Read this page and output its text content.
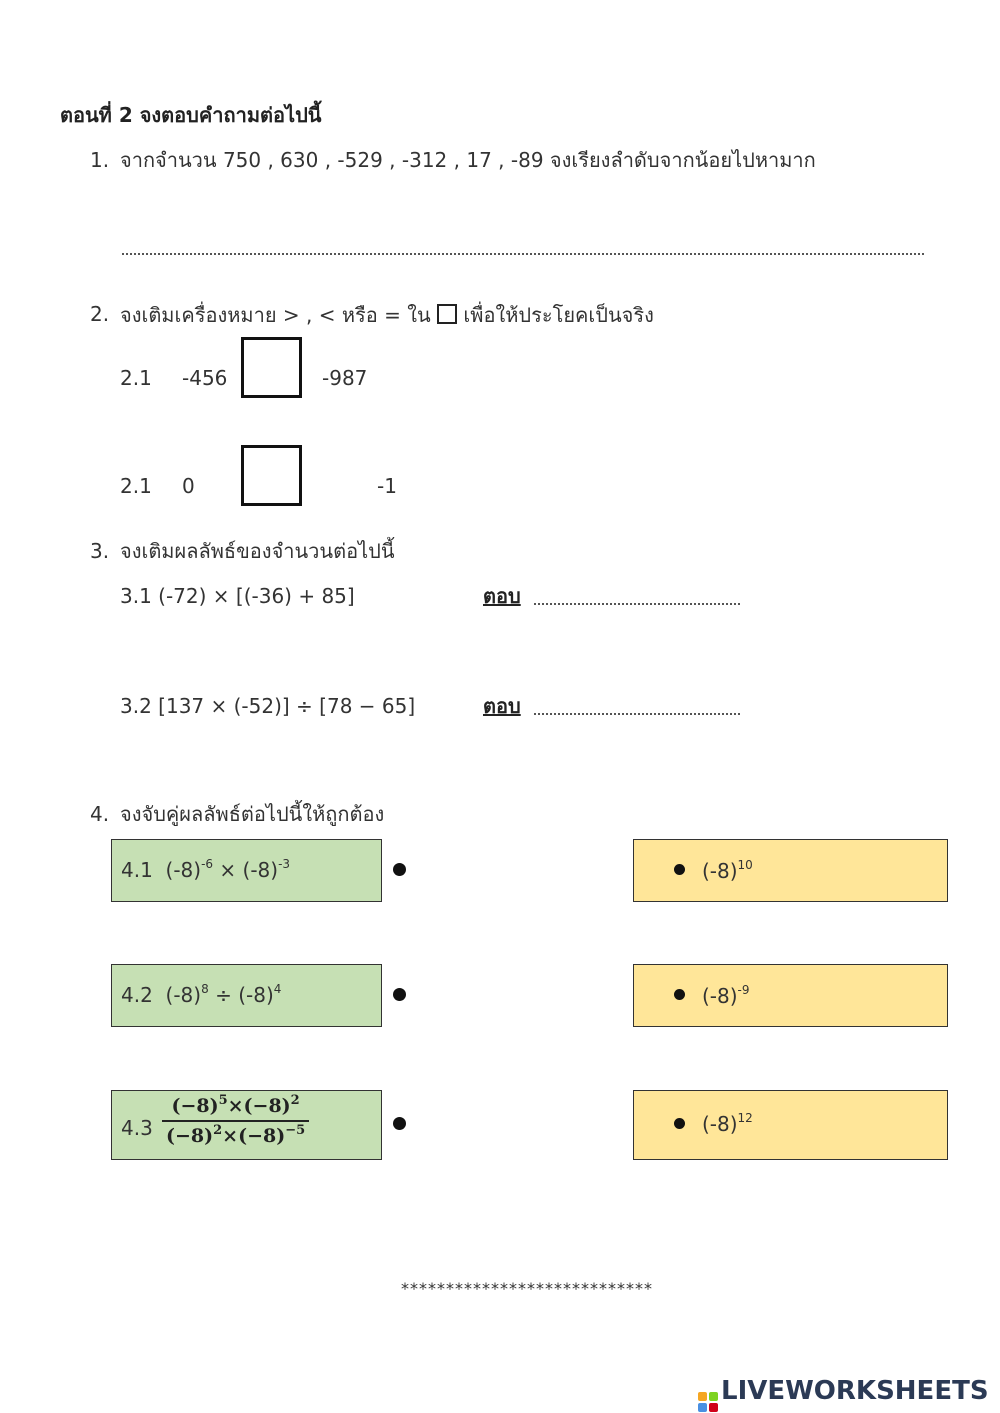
ตอนที่ 2 จงตอบคำถามต่อไปนี้
1. จากจำนวน 750 , 630 , -529 , -312 , 17 , -89 จงเรียงลำดับจากน้อยไปหามาก
2. จงเติมเครื่องหมาย > , < หรือ = ใน เพื่อให้ประโยคเป็นจริง
2.1 -456	-987
2.1 0	-1
3. จงเติมผลลัพธ์ของจำนวนต่อไปนี้
3.1 (-72) × [(-36) + 85]	ตอบ
3.2 [137 × (-52)] ÷ [78 − 65]	ตอบ
4. จงจับคู่ผลลัพธ์ต่อไปนี้ให้ถูกต้อง
4.1 $(-8)^{-6} \times (-8)^{-3}$
4.2 $(-8)^8 \div (-8)^4$
$4.3 \frac{(-8)^5\times(-8)^2}{(-8)^2\times(-8)^{-5}}$
$(-8)^{10}$
$(-8)^{-9}$
$(-8)^{12}$
****************************
LIVEWORKSHEETS
